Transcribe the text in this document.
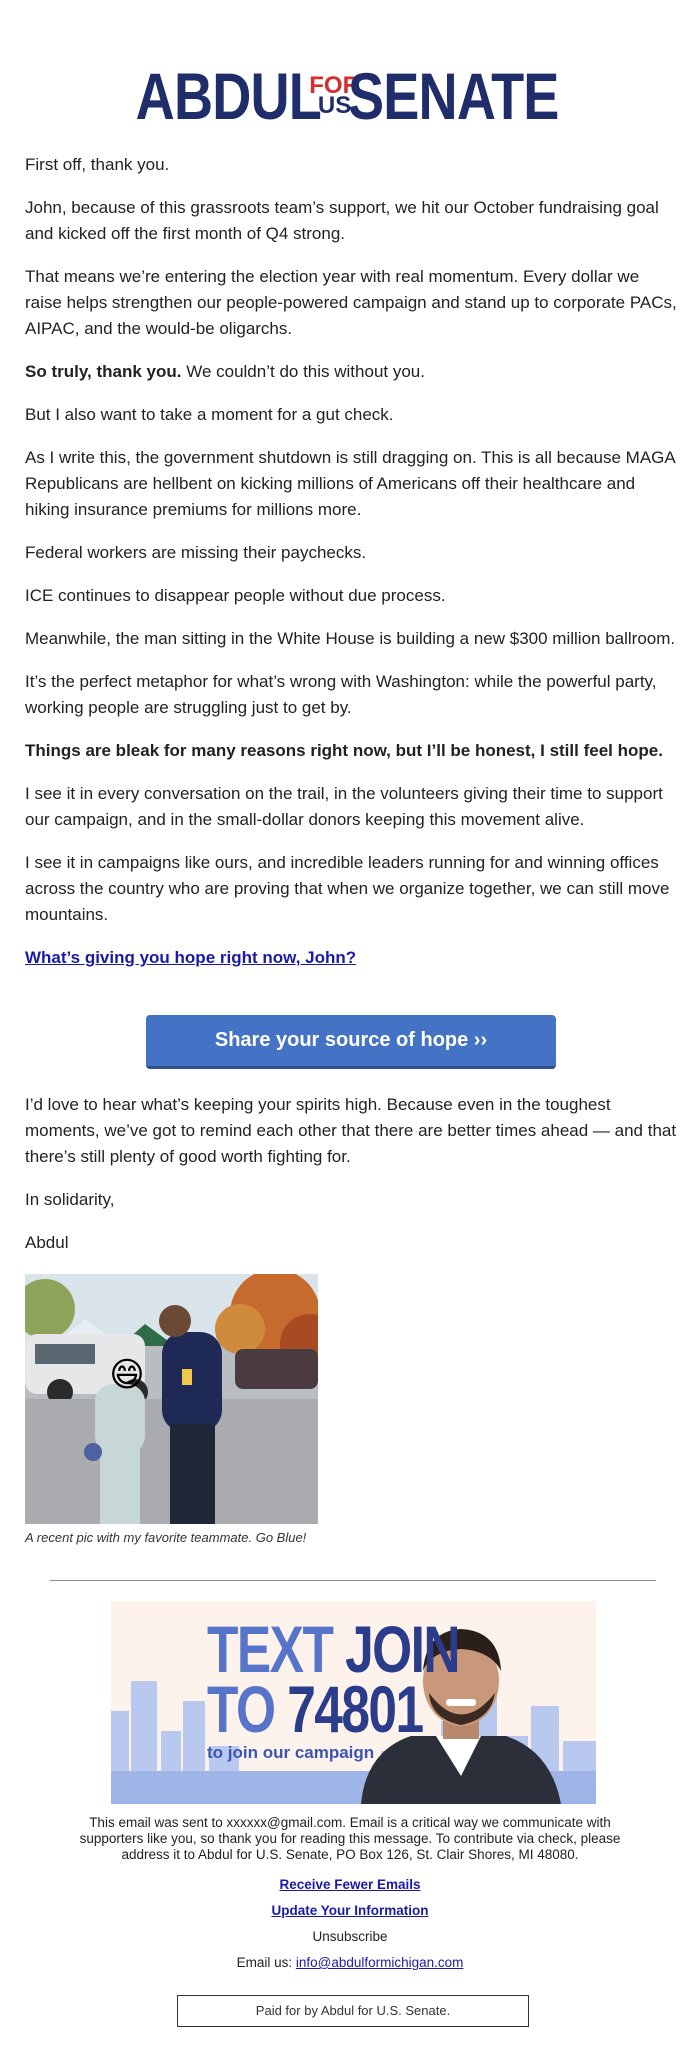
ABDUL
FOR
US
SENATE

First off, thank you.

John, because of this grassroots team’s support, we hit our October fundraising goal and kicked off the first month of Q4 strong.

That means we’re entering the election year with real momentum. Every dollar we raise helps strengthen our people-powered campaign and stand up to corporate PACs, AIPAC, and the would-be oligarchs.

So truly, thank you. We couldn’t do this without you.

But I also want to take a moment for a gut check.

As I write this, the government shutdown is still dragging on. This is all because MAGA Republicans are hellbent on kicking millions of Americans off their healthcare and hiking insurance premiums for millions more.

Federal workers are missing their paychecks.

ICE continues to disappear people without due process.

Meanwhile, the man sitting in the White House is building a new $300 million ballroom.

It’s the perfect metaphor for what’s wrong with Washington: while the powerful party, working people are struggling just to get by.

Things are bleak for many reasons right now, but I’ll be honest, I still feel hope.

I see it in every conversation on the trail, in the volunteers giving their time to support our campaign, and in the small-dollar donors keeping this movement alive.

I see it in campaigns like ours, and incredible leaders running for and winning offices across the country who are proving that when we organize together, we can still move mountains.

What’s giving you hope right now, John?

Share your source of hope ››

I’d love to hear what’s keeping your spirits high. Because even in the toughest moments, we’ve got to remind each other that there are better times ahead — and that there’s still plenty of good worth fighting for.

In solidarity,

Abdul

😄
A recent pic with my favorite teammate. Go Blue!
TEXT JOIN
TO 74801
to join our campaign

This email was sent to xxxxxx@gmail.com. Email is a critical way we communicate with supporters like you, so thank you for reading this message. To contribute via check, please address it to Abdul for U.S. Senate, PO Box 126, St. Clair Shores, MI 48080.

Receive Fewer Emails
Update Your Information
Unsubscribe
Email us: info@abdulformichigan.com
Paid for by Abdul for U.S. Senate.
